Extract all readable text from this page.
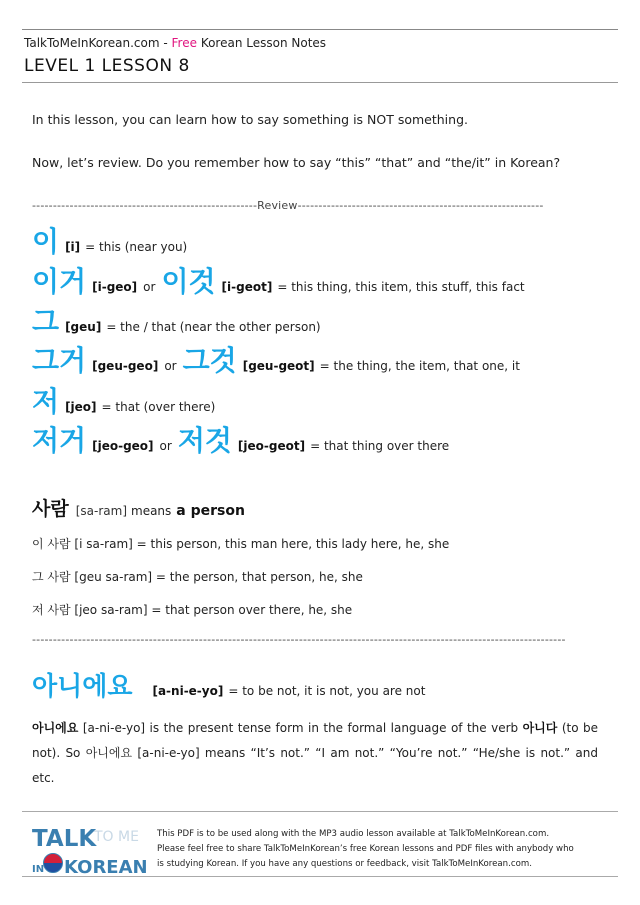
TalkToMeInKorean.com - Free Korean Lesson Notes
LEVEL 1 LESSON 8
In this lesson, you can learn how to say something is NOT something.
Now, let’s review. Do you remember how to say “this” “that” and “the/it” in Korean?
------------------------------------------------------Review-----------------------------------------------------------
이 [i] = this (near you)
이거 [i-geo] or 이것 [i-geot] = this thing, this item, this stuff, this fact
그 [geu] = the / that (near the other person)
그거 [geu-geo] or 그것 [geu-geot] = the thing, the item, that one, it
저 [jeo] = that (over there)
저거 [jeo-geo] or 저것 [jeo-geot] = that thing over there
사람 [sa-ram] means a person
이 사람 [i sa-ram] = this person, this man here, this lady here, he, she
그 사람 [geu sa-ram] = the person, that person, he, she
저 사람 [jeo sa-ram] = that person over there, he, she
--------------------------------------------------------------------------------------------------------------------------------
아니에요 [a-ni-e-yo] = to be not, it is not, you are not
아니에요 [a-ni-e-yo] is the present tense form in the formal language of the verb 아니다 (to be not). So 아니에요 [a-ni-e-yo] means “It’s not.” “I am not.” “You’re not.” “He/she is not.” and etc.
TALK
TO ME
IN KOREAN
This PDF is to be used along with the MP3 audio lesson available at TalkToMeInKorean.com.
Please feel free to share TalkToMeInKorean’s free Korean lessons and PDF files with anybody who
is studying Korean. If you have any questions or feedback, visit TalkToMeInKorean.com.
